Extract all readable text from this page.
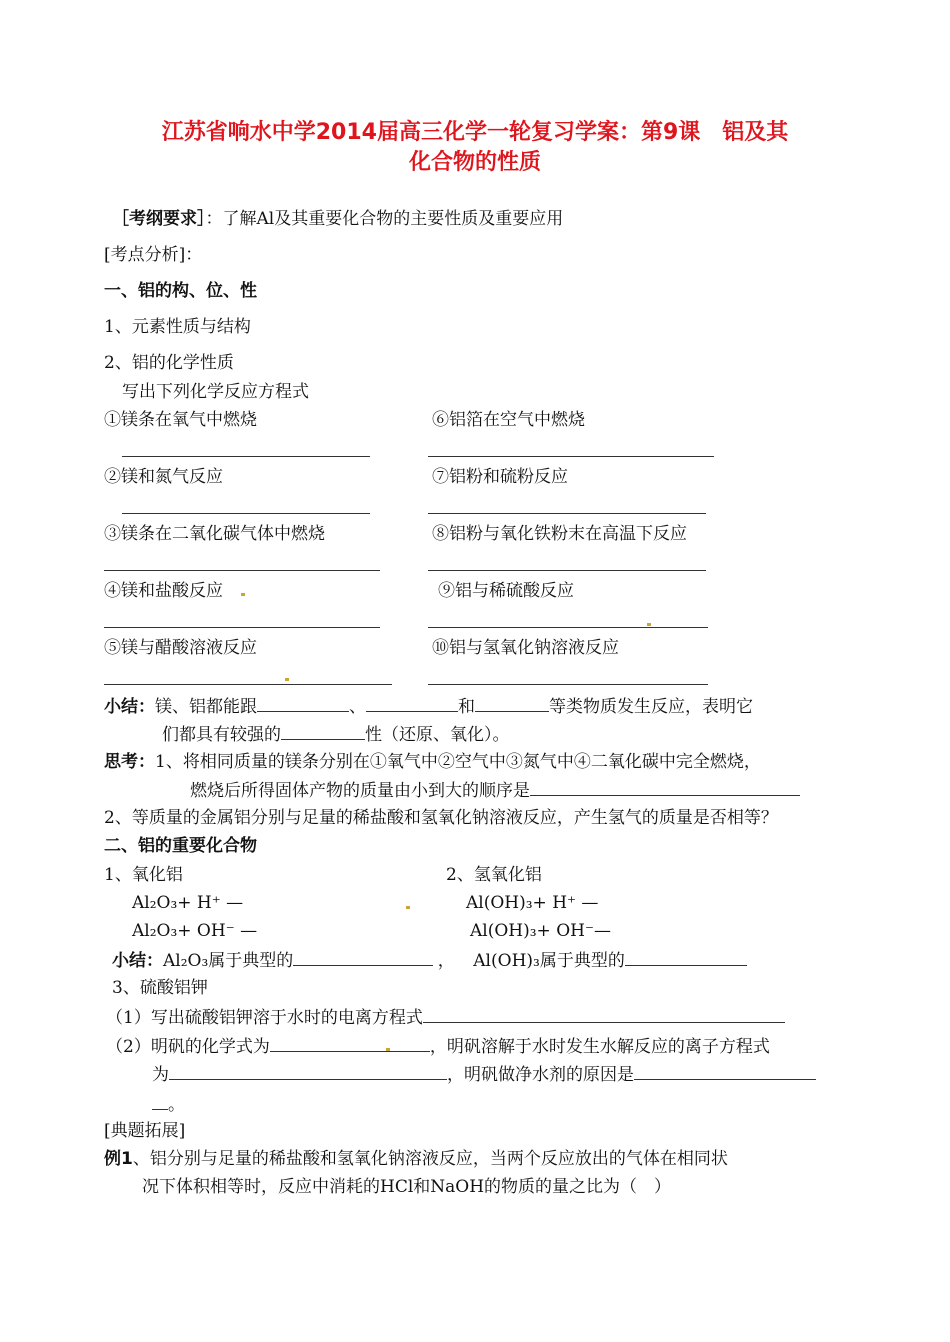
江苏省响水中学2014届高三化学一轮复习学案：第9课　铝及其
化合物的性质
［考纲要求］：了解Al及其重要化合物的主要性质及重要应用
[考点分析]：
一、铝的构、位、性
1、元素性质与结构
2、铝的化学性质
写出下列化学反应方程式
①镁条在氧气中燃烧
②镁和氮气反应
③镁条在二氧化碳气体中燃烧
④镁和盐酸反应
⑤镁与醋酸溶液反应
⑥铝箔在空气中燃烧
⑦铝粉和硫粉反应
⑧铝粉与氧化铁粉末在高温下反应
⑨铝与稀硫酸反应
⑩铝与氢氧化钠溶液反应
小结：镁、铝都能跟	、	和	等类物质发生反应，表明它
们都具有较强的	性（还原、氧化）。
思考：1、将相同质量的镁条分别在①氧气中②空气中③氮气中④二氧化碳中完全燃烧，
燃烧后所得固体产物的质量由小到大的顺序是
2、等质量的金属铝分别与足量的稀盐酸和氢氧化钠溶液反应，产生氢气的质量是否相等？
二、铝的重要化合物
1、氧化铝	2、氢氧化铝
Al₂O₃+ H⁺ —	Al(OH)₃+ H⁺ —
Al₂O₃+ OH⁻ —	Al(OH)₃+ OH⁻—
小结：Al₂O₃属于典型的	， Al(OH)₃属于典型的
3、硫酸铝钾
（1）写出硫酸铝钾溶于水时的电离方程式
（2）明矾的化学式为	，明矾溶解于水时发生水解反应的离子方程式
为	，明矾做净水剂的原因是
。
[典题拓展]
例1、铝分别与足量的稀盐酸和氢氧化钠溶液反应，当两个反应放出的气体在相同状
况下体积相等时，反应中消耗的HCl和NaOH的物质的量之比为（　）
